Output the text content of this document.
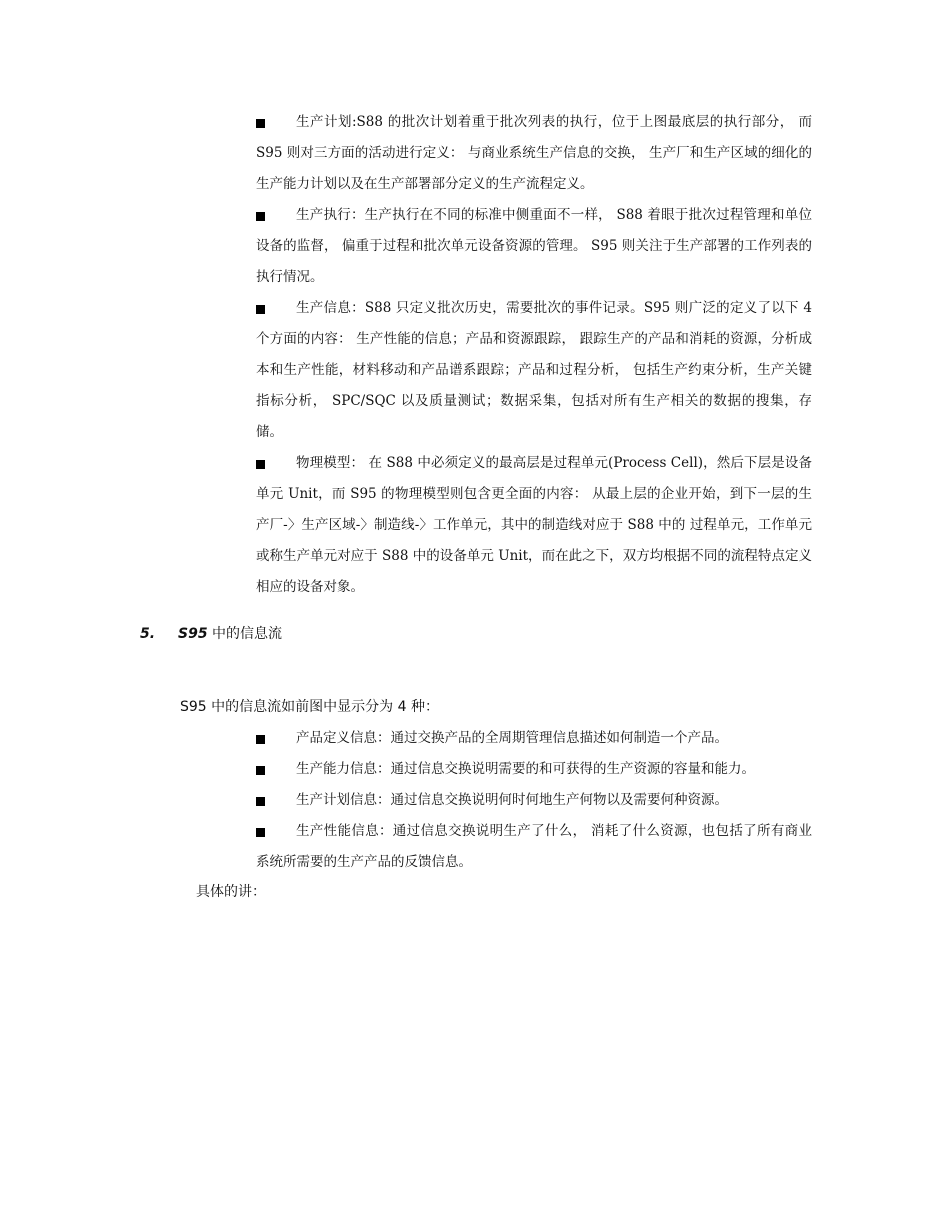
生产计划:S88 的批次计划着重于批次列表的执行，位于上图最底层的执行部分， 而S95 则对三方面的活动进行定义： 与商业系统生产信息的交换， 生产厂和生产区域的细化的生产能力计划以及在生产部署部分定义的生产流程定义。
生产执行：生产执行在不同的标准中侧重面不一样， S88 着眼于批次过程管理和单位设备的监督， 偏重于过程和批次单元设备资源的管理。 S95 则关注于生产部署的工作列表的执行情况。
生产信息：S88 只定义批次历史，需要批次的事件记录。S95 则广泛的定义了以下 4 个方面的内容： 生产性能的信息；产品和资源跟踪， 跟踪生产的产品和消耗的资源，分析成本和生产性能，材料移动和产品谱系跟踪；产品和过程分析， 包括生产约束分析，生产关键指标分析， SPC/SQC 以及质量测试；数据采集，包括对所有生产相关的数据的搜集，存储。
物理模型： 在 S88 中必须定义的最高层是过程单元(Process Cell)，然后下层是设备单元 Unit，而 S95 的物理模型则包含更全面的内容： 从最上层的企业开始，到下一层的生产厂-〉生产区域-〉制造线-〉工作单元，其中的制造线对应于 S88 中的 过程单元，工作单元或称生产单元对应于 S88 中的设备单元 Unit，而在此之下，双方均根据不同的流程特点定义相应的设备对象。
5. S95 中的信息流
S95 中的信息流如前图中显示分为 4 种：
产品定义信息：通过交换产品的全周期管理信息描述如何制造一个产品。
生产能力信息：通过信息交换说明需要的和可获得的生产资源的容量和能力。
生产计划信息：通过信息交换说明何时何地生产何物以及需要何种资源。
生产性能信息：通过信息交换说明生产了什么， 消耗了什么资源，也包括了所有商业系统所需要的生产产品的反馈信息。
具体的讲：
